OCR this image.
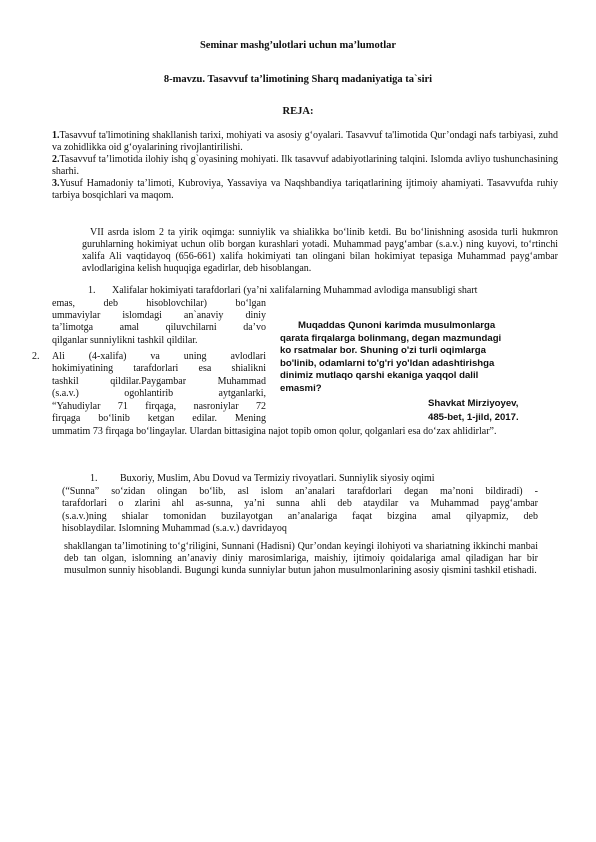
Seminar mashg’ulotlari uchun ma’lumotlar
8-mavzu. Tasavvuf ta’limotining Sharq madaniyatiga ta`siri
REJA:
1.Tasavvuf ta'limotining shakllanish tarixi, mohiyati va asosiy g‘oyalari. Tasavvuf ta'limotida Qur’ondagi nafs tarbiyasi, zuhd va zohidlikka oid g‘oyalarining rivojlantirilishi.
2.Tasavvuf ta’limotida ilohiy ishq g`oyasining mohiyati. Ilk tasavvuf adabiyotlarining talqini. Islomda avliyo tushunchasining sharhi.
3.Yusuf Hamadoniy ta’limoti, Kubroviya, Yassaviya va Naqshbandiya tariqatlarining ijtimoiy ahamiyati. Tasavvufda ruhiy tarbiya bosqichlari va maqom.
VII asrda islom 2 ta yirik oqimga: sunniylik va shialikka bo‘linib ketdi. Bu bo‘linishning asosida turli hukmron guruhlarning hokimiyat uchun olib borgan kurashlari yotadi. Muhammad payg‘ambar (s.a.v.) ning kuyovi, to‘rtinchi xalifa Ali vaqtidayoq (656-661) xalifa hokimiyati tan olingani bilan hokimiyat tepasiga Muhammad payg‘ambar avlodlarigina kelish huquqiga egadirlar, deb hisoblangan.
1. Xalifalar hokimiyati tarafdorlari (ya’ni xalifalarning Muhammad avlodiga mansubligi shart
emas, deb hisoblovchilar) bo‘lgan
ummaviylar islomdagi an`anaviy diniy
ta’limotga amal qiluvchilarni da’vo
qilganlar sunniylikni tashkil qildilar.
2. Ali (4-xalifa) va uning avlodlari
hokimiyatining tarafdorlari esa shialikni
tashkil qildilar.Paygambar Muhammad
(s.a.v.) ogohlantirib aytganlarki,
“Yahudiylar 71 firqaga, nasroniylar 72
firqaga bo‘linib ketgan edilar. Mening
ummatim 73 firqaga bo‘lingaylar. Ulardan bittasigina najot topib omon qolur, qolganlari esa do‘zax ahlidirlar”.
Muqaddas Qunoni karimda musulmonlarga
qarata firqalarga bolinmang, degan mazmundagi
ko rsatmalar bor. Shuning o'zi turli oqimlarga
bo'linib, odamlarni to'g'ri yo'ldan adashtirishga
dinimiz mutlaqo qarshi ekaniga yaqqol dalil
emasmi?
Shavkat Mirziyoyev,
485-bet, 1-jild, 2017.
1. Buxoriy, Muslim, Abu Dovud va Termiziy rivoyatlari. Sunniylik siyosiy oqimi
(“Sunna” so‘zidan olingan bo‘lib, asl islom an’analari tarafdorlari degan ma’noni bildiradi) -
tarafdorlari o zlarini ahl as-sunna, ya’ni sunna ahli deb ataydilar va Muhammad payg‘ambar
(s.a.v.)ning shialar tomonidan buzilayotgan an’analariga faqat bizgina amal qilyapmiz, deb
hisoblaydilar. Islomning Muhammad (s.a.v.) davridayoq
shakllangan ta’limotining to‘g‘riligini, Sunnani (Hadisni) Qur’ondan keyingi ilohiyoti va shariatning ikkinchi manbai deb tan olgan, islomning an’anaviy diniy marosimlariga, maishiy, ijtimoiy qoidalariga amal qiladigan har bir musulmon sunniy hisoblandi. Bugungi kunda sunniylar butun jahon musulmonlarining asosiy qismini tashkil etishadi.
